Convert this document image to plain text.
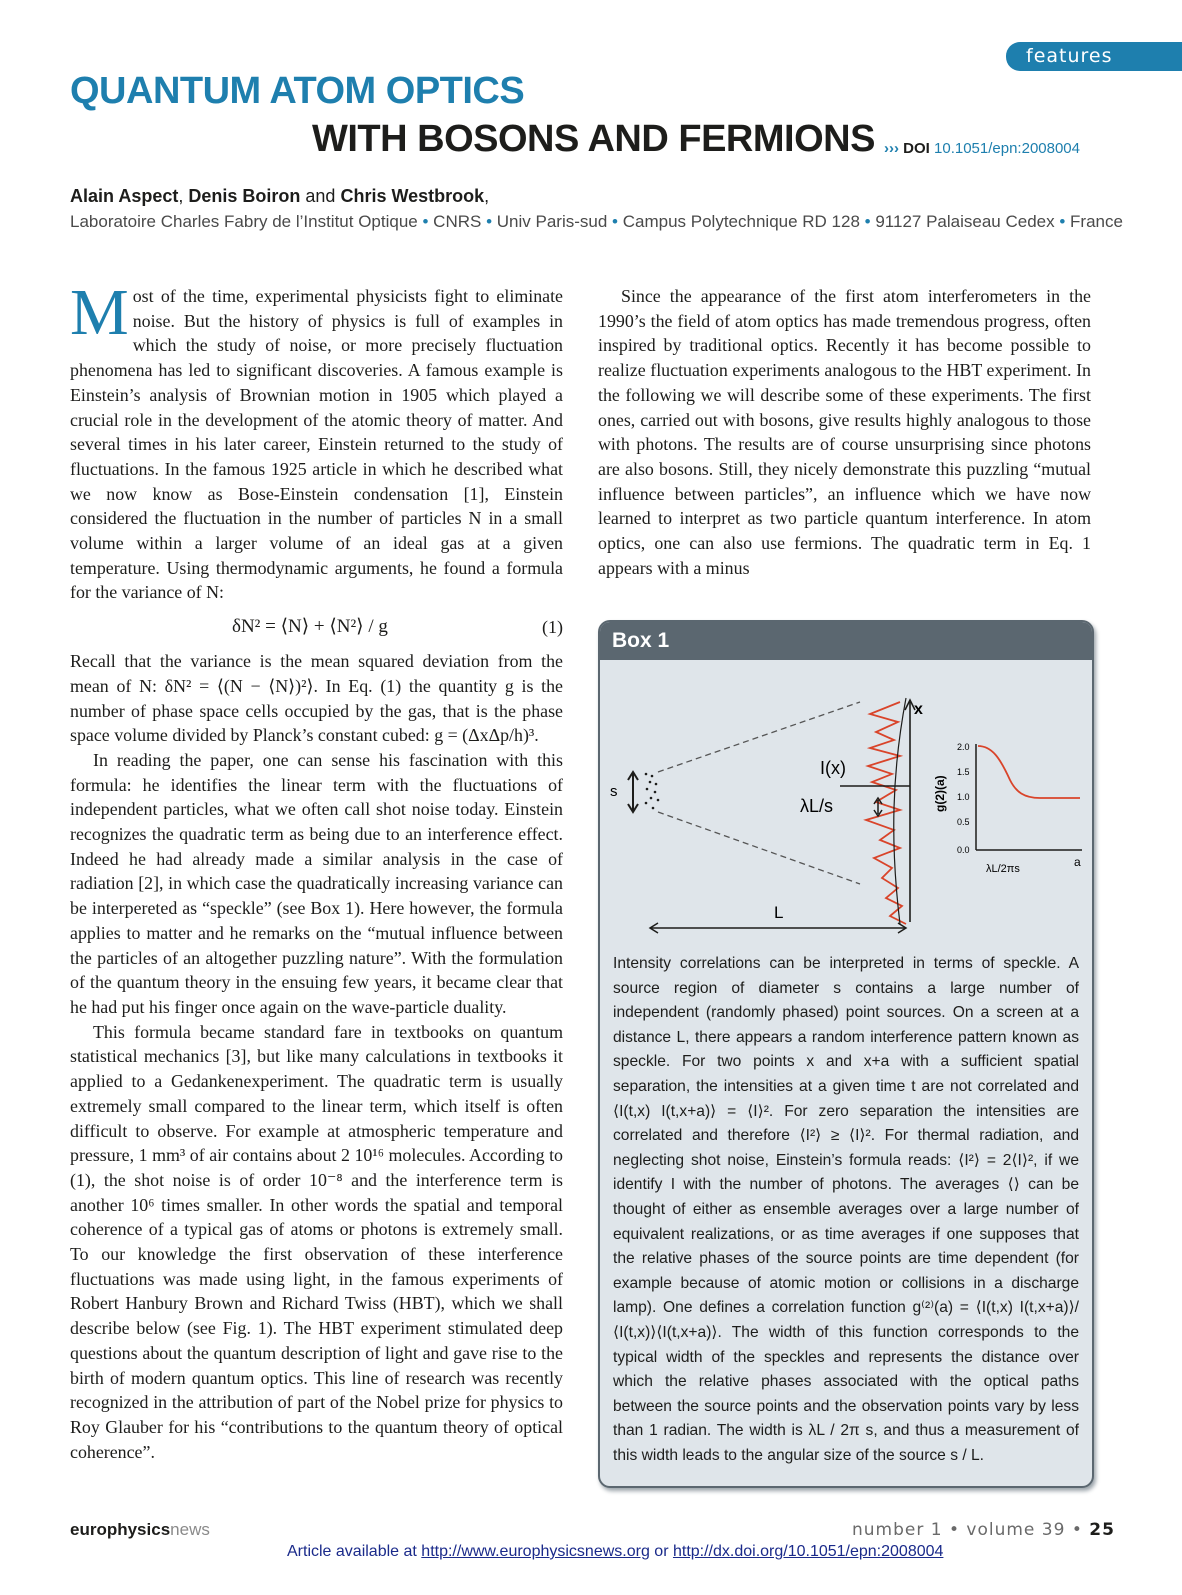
features
QUANTUM ATOM OPTICS
WITH BOSONS AND FERMIONS ››› DOI 10.1051/epn:2008004
Alain Aspect, Denis Boiron and Chris Westbrook,
Laboratoire Charles Fabry de l’Institut Optique • CNRS • Univ Paris-sud • Campus Polytechnique RD 128 • 91127 Palaiseau Cedex • France

Most of the time, experimental physicists fight to eliminate noise. But the history of physics is full of examples in which the study of noise, or more precisely fluctuation phenomena has led to significant discoveries. A famous example is Einstein’s analysis of Brownian motion in 1905 which played a crucial role in the development of the atomic theory of matter. And several times in his later career, Einstein returned to the study of fluctuations. In the famous 1925 article in which he described what we now know as Bose-Einstein condensation [1], Einstein considered the fluctuation in the number of particles N in a small volume within a larger volume of an ideal gas at a given temperature. Using thermodynamic arguments, he found a formula for the variance of N:

δN² = ⟨N⟩ + ⟨N²⟩ / g	(1)

Recall that the variance is the mean squared deviation from the mean of N: δN² = ⟨(N − ⟨N⟩)²⟩. In Eq. (1) the quantity g is the number of phase space cells occupied by the gas, that is the phase space volume divided by Planck’s constant cubed: g = (ΔxΔp/h)³.

In reading the paper, one can sense his fascination with this formula: he identifies the linear term with the fluctuations of independent particles, what we often call shot noise today. Einstein recognizes the quadratic term as being due to an interference effect. Indeed he had already made a similar analysis in the case of radiation [2], in which case the quadratically increasing variance can be interpereted as “speckle” (see Box 1). Here however, the formula applies to matter and he remarks on the “mutual influence between the particles of an altogether puzzling nature”. With the formulation of the quantum theory in the ensuing few years, it became clear that he had put his finger once again on the wave-particle duality.

This formula became standard fare in textbooks on quantum statistical mechanics [3], but like many calculations in textbooks it applied to a Gedankenexperiment. The quadratic term is usually extremely small compared to the linear term, which itself is often difficult to observe. For example at atmospheric temperature and pressure, 1 mm³ of air contains about 2 10¹⁶ molecules. According to (1), the shot noise is of order 10⁻⁸ and the interference term is another 10⁶ times smaller. In other words the spatial and temporal coherence of a typical gas of atoms or photons is extremely small. To our knowledge the first observation of these interference fluctuations was made using light, in the famous experiments of Robert Hanbury Brown and Richard Twiss (HBT), which we shall describe below (see Fig. 1). The HBT experiment stimulated deep questions about the quantum description of light and gave rise to the birth of modern quantum optics. This line of research was recently recognized in the attribution of part of the Nobel prize for physics to Roy Glauber for his “contributions to the quantum theory of optical coherence”.

Since the appearance of the first atom interferometers in the 1990’s the field of atom optics has made tremendous progress, often inspired by traditional optics. Recently it has become possible to realize fluctuation experiments analogous to the HBT experiment. In the following we will describe some of these experiments. The first ones, carried out with bosons, give results highly analogous to those with photons. The results are of course unsurprising since photons are also bosons. Still, they nicely demonstrate this puzzling “mutual influence between particles”, an influence which we have now learned to interpret as two particle quantum interference. In atom optics, one can also use fermions. The quadratic term in Eq. 1 appears with a minus

Box 1
s
x
I(x)
λL/s
L
2.0
1.5
1.0
0.5
0.0
g(2)(a)
λL/2πs	a
Intensity correlations can be interpreted in terms of speckle. A source region of diameter s contains a large number of independent (randomly phased) point sources. On a screen at a distance L, there appears a random interference pattern known as speckle. For two points x and x+a with a sufficient spatial separation, the intensities at a given time t are not correlated and ⟨I(t,x) I(t,x+a)⟩ = ⟨I⟩². For zero separation the intensities are correlated and therefore ⟨I²⟩ ≥ ⟨I⟩². For thermal radiation, and neglecting shot noise, Einstein’s formula reads: ⟨I²⟩ = 2⟨I⟩², if we identify I with the number of photons. The averages ⟨⟩ can be thought of either as ensemble averages over a large number of equivalent realizations, or as time averages if one supposes that the relative phases of the source points are time dependent (for example because of atomic motion or collisions in a discharge lamp). One defines a correlation function g⁽²⁾(a) = ⟨I(t,x) I(t,x+a)⟩/⟨I(t,x)⟩⟨I(t,x+a)⟩. The width of this function corresponds to the typical width of the speckles and represents the distance over which the relative phases associated with the optical paths between the source points and the observation points vary by less than 1 radian. The width is λL / 2π s, and thus a measurement of this width leads to the angular size of the source s / L.
europhysicsnews	number 1 • volume 39 • 25
Article available at http://www.europhysicsnews.org or http://dx.doi.org/10.1051/epn:2008004
